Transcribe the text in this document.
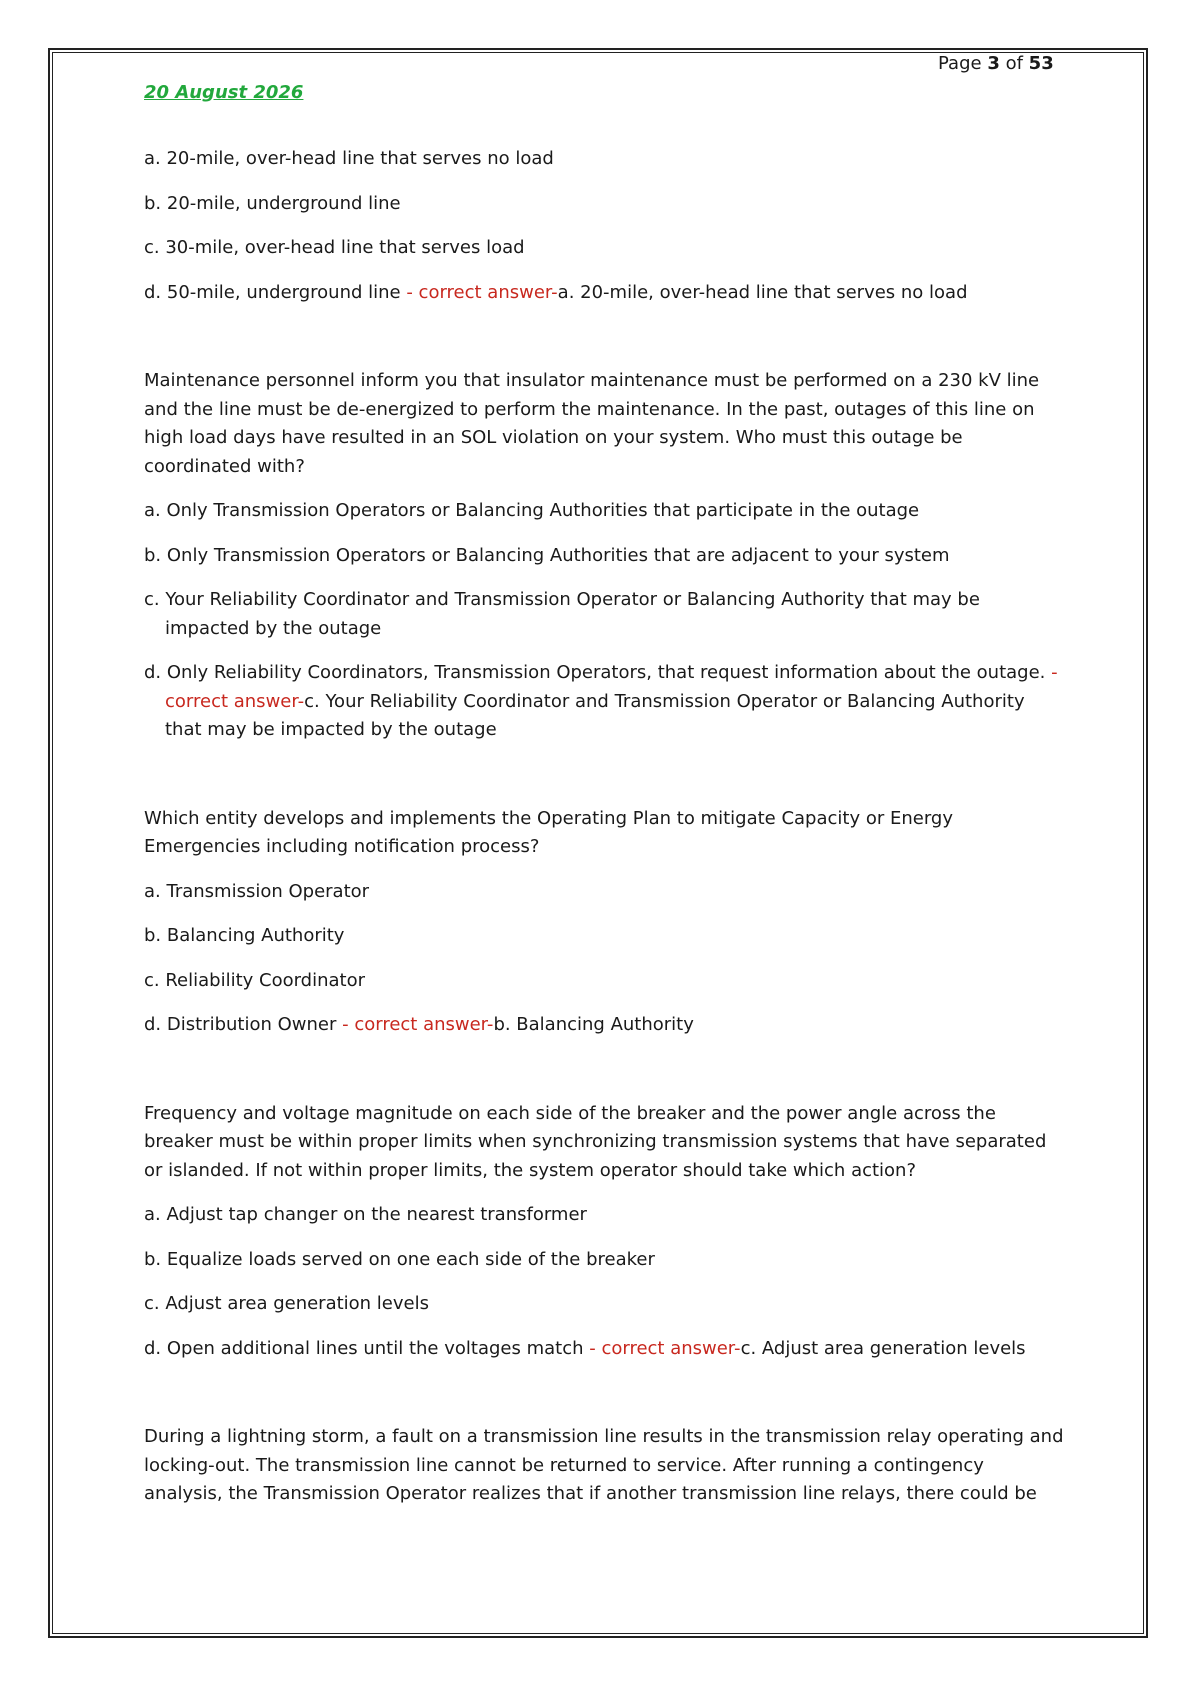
Page 3 of 53
20 August 2026

a. 20-mile, over-head line that serves no load

b. 20-mile, underground line

c. 30-mile, over-head line that serves load

d. 50-mile, underground line - correct answer-a. 20-mile, over-head line that serves no load

Maintenance personnel inform you that insulator maintenance must be performed on a 230 kV line and the line must be de-energized to perform the maintenance. In the past, outages of this line on high load days have resulted in an SOL violation on your system. Who must this outage be coordinated with?

a. Only Transmission Operators or Balancing Authorities that participate in the outage

b. Only Transmission Operators or Balancing Authorities that are adjacent to your system

c. Your Reliability Coordinator and Transmission Operator or Balancing Authority that may be impacted by the outage

d. Only Reliability Coordinators, Transmission Operators, that request information about the outage. - correct answer-c. Your Reliability Coordinator and Transmission Operator or Balancing Authority that may be impacted by the outage

Which entity develops and implements the Operating Plan to mitigate Capacity or Energy Emergencies including notification process?

a. Transmission Operator

b. Balancing Authority

c. Reliability Coordinator

d. Distribution Owner - correct answer-b. Balancing Authority

Frequency and voltage magnitude on each side of the breaker and the power angle across the breaker must be within proper limits when synchronizing transmission systems that have separated or islanded. If not within proper limits, the system operator should take which action?

a. Adjust tap changer on the nearest transformer

b. Equalize loads served on one each side of the breaker

c. Adjust area generation levels

d. Open additional lines until the voltages match - correct answer-c. Adjust area generation levels

During a lightning storm, a fault on a transmission line results in the transmission relay operating and locking-out. The transmission line cannot be returned to service. After running a contingency analysis, the Transmission Operator realizes that if another transmission line relays, there could be
